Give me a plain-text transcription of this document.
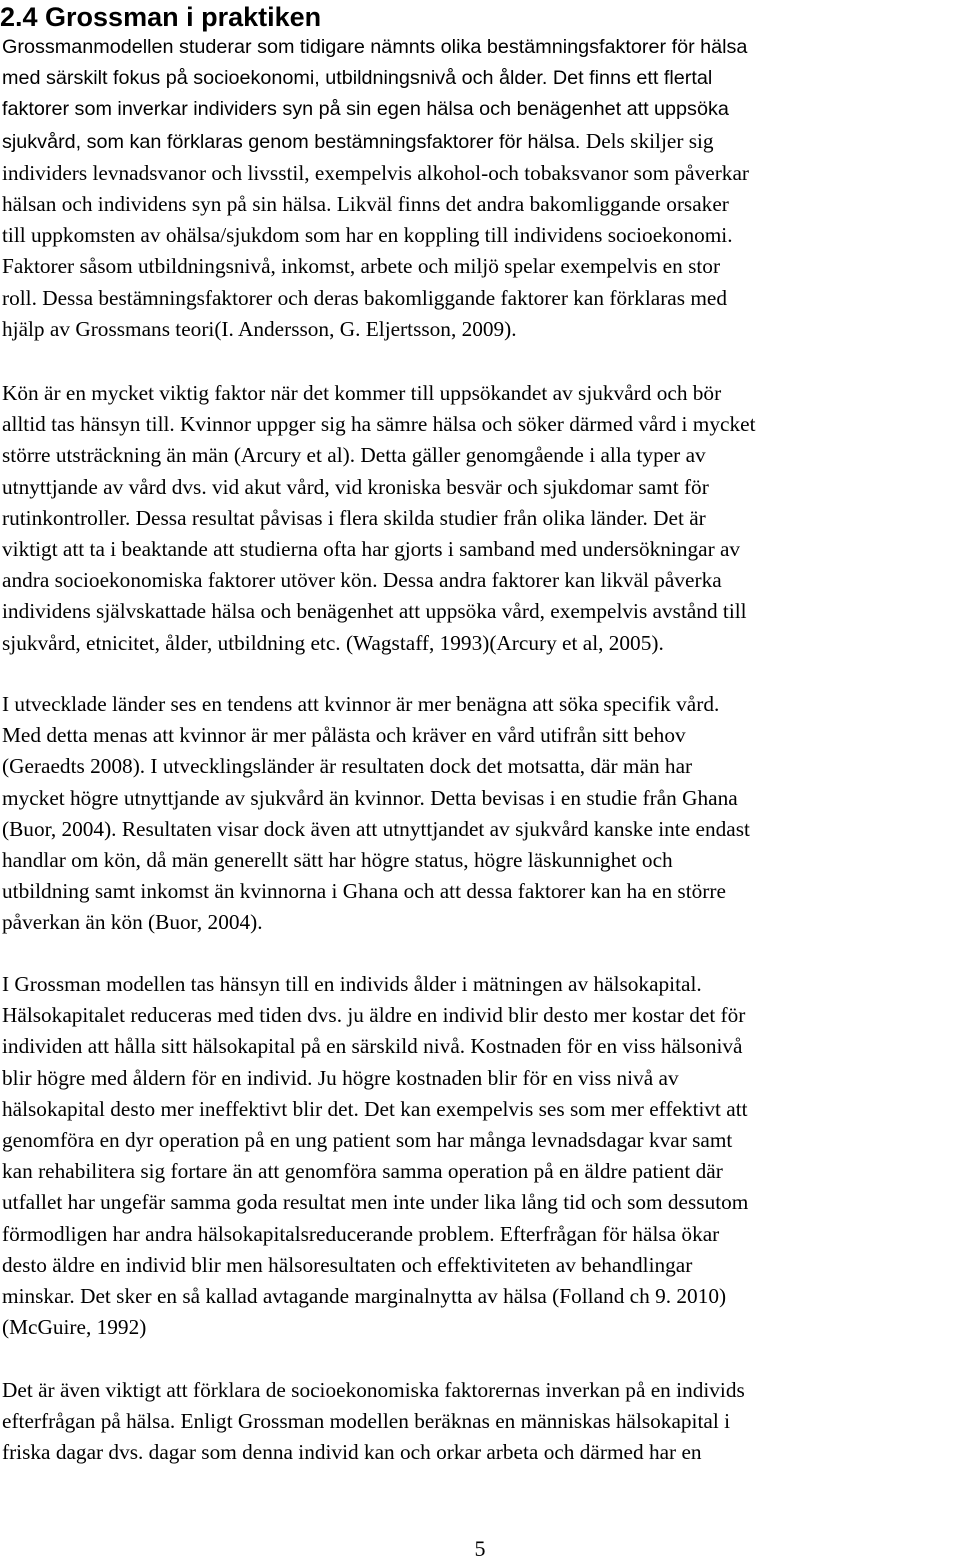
2.4 Grossman i praktiken
Grossmanmodellen studerar som tidigare nämnts olika bestämningsfaktorer för hälsa
med särskilt fokus på socioekonomi, utbildningsnivå och ålder. Det finns ett flertal
faktorer som inverkar individers syn på sin egen hälsa och benägenhet att uppsöka
sjukvård, som kan förklaras genom bestämningsfaktorer för hälsa. Dels skiljer sig
individers levnadsvanor och livsstil, exempelvis alkohol-och tobaksvanor som påverkar
hälsan och individens syn på sin hälsa. Likväl finns det andra bakomliggande orsaker
till uppkomsten av ohälsa/sjukdom som har en koppling till individens socioekonomi.
Faktorer såsom utbildningsnivå, inkomst, arbete och miljö spelar exempelvis en stor
roll. Dessa bestämningsfaktorer och deras bakomliggande faktorer kan förklaras med
hjälp av Grossmans teori(I. Andersson, G. Eljertsson, 2009).
Kön är en mycket viktig faktor när det kommer till uppsökandet av sjukvård och bör
alltid tas hänsyn till. Kvinnor uppger sig ha sämre hälsa och söker därmed vård i mycket
större utsträckning än män (Arcury et al). Detta gäller genomgående i alla typer av
utnyttjande av vård dvs. vid akut vård, vid kroniska besvär och sjukdomar samt för
rutinkontroller. Dessa resultat påvisas i flera skilda studier från olika länder. Det är
viktigt att ta i beaktande att studierna ofta har gjorts i samband med undersökningar av
andra socioekonomiska faktorer utöver kön. Dessa andra faktorer kan likväl påverka
individens självskattade hälsa och benägenhet att uppsöka vård, exempelvis avstånd till
sjukvård, etnicitet, ålder, utbildning etc. (Wagstaff, 1993)(Arcury et al, 2005).
I utvecklade länder ses en tendens att kvinnor är mer benägna att söka specifik vård.
Med detta menas att kvinnor är mer pålästa och kräver en vård utifrån sitt behov
(Geraedts 2008). I utvecklingsländer är resultaten dock det motsatta, där män har
mycket högre utnyttjande av sjukvård än kvinnor. Detta bevisas i en studie från Ghana
(Buor, 2004). Resultaten visar dock även att utnyttjandet av sjukvård kanske inte endast
handlar om kön, då män generellt sätt har högre status, högre läskunnighet och
utbildning samt inkomst än kvinnorna i Ghana och att dessa faktorer kan ha en större
påverkan än kön (Buor, 2004).
I Grossman modellen tas hänsyn till en individs ålder i mätningen av hälsokapital.
Hälsokapitalet reduceras med tiden dvs. ju äldre en individ blir desto mer kostar det för
individen att hålla sitt hälsokapital på en särskild nivå. Kostnaden för en viss hälsonivå
blir högre med åldern för en individ. Ju högre kostnaden blir för en viss nivå av
hälsokapital desto mer ineffektivt blir det. Det kan exempelvis ses som mer effektivt att
genomföra en dyr operation på en ung patient som har många levnadsdagar kvar samt
kan rehabilitera sig fortare än att genomföra samma operation på en äldre patient där
utfallet har ungefär samma goda resultat men inte under lika lång tid och som dessutom
förmodligen har andra hälsokapitalsreducerande problem. Efterfrågan för hälsa ökar
desto äldre en individ blir men hälsoresultaten och effektiviteten av behandlingar
minskar. Det sker en så kallad avtagande marginalnytta av hälsa (Folland ch 9. 2010)
(McGuire, 1992)
Det är även viktigt att förklara de socioekonomiska faktorernas inverkan på en individs
efterfrågan på hälsa. Enligt Grossman modellen beräknas en människas hälsokapital i
friska dagar dvs. dagar som denna individ kan och orkar arbeta och därmed har en
5
